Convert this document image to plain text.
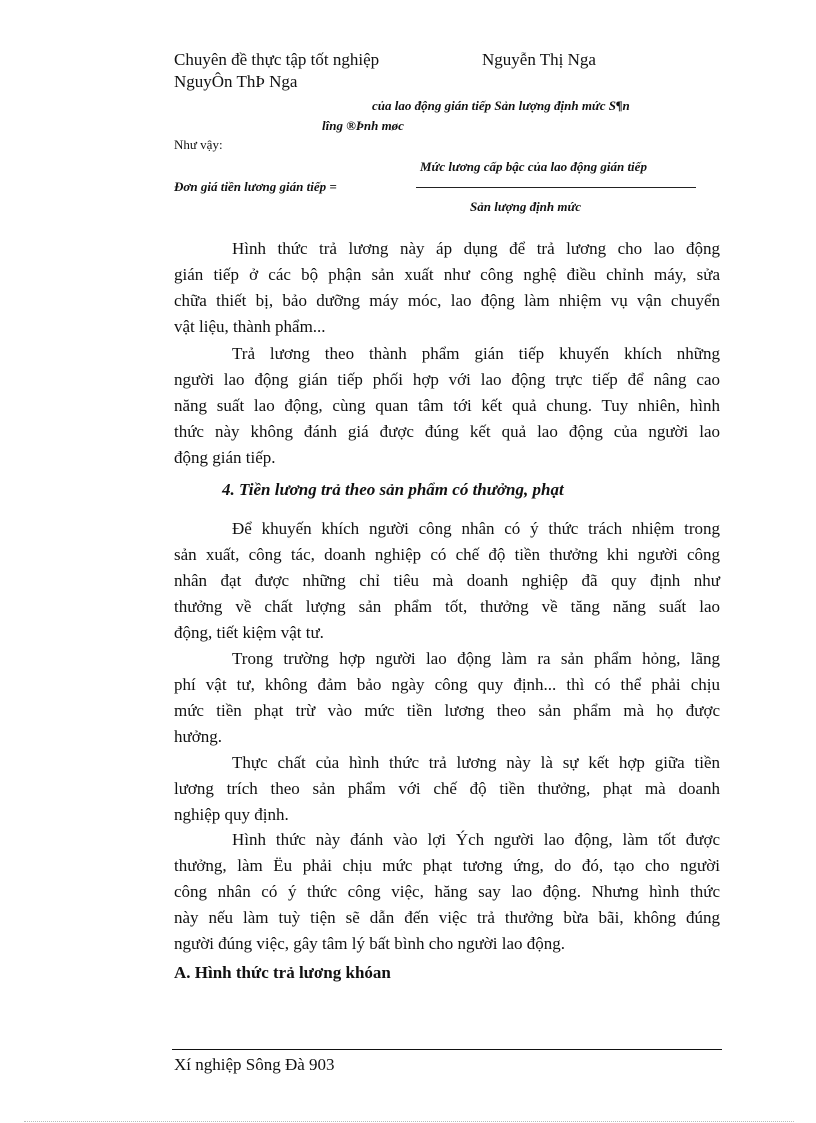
Chuyên đề thực tập tốt nghiệp	Nguyễn Thị Nga
NguyÔn ThÞ Nga
của lao động gián tiếp Sản lượng định mức S¶n
lîng ®Þnh møc
Như vậy:
Mức lương cấp bậc của lao động gián tiếp
Đơn giá tiền lương gián tiếp =
Sản lượng định mức
Hình thức trả lương này áp dụng để trả lương cho lao động
gián tiếp ở các bộ phận sản xuất như công nghệ điều chỉnh máy, sửa
chữa thiết bị, bảo dưỡng máy móc, lao động làm nhiệm vụ vận chuyển
vật liệu, thành phẩm...
Trả lương theo thành phẩm gián tiếp khuyến khích những
người lao động gián tiếp phối hợp với lao động trực tiếp để nâng cao
năng suất lao động, cùng quan tâm tới kết quả chung. Tuy nhiên, hình
thức này không đánh giá được đúng kết quả lao động của người lao
động gián tiếp.
4. Tiền lương trả theo sản phẩm có thưởng, phạt
Để khuyến khích người công nhân có ý thức trách nhiệm trong
sản xuất, công tác, doanh nghiệp có chế độ tiền thưởng khi người công
nhân đạt được những chỉ tiêu mà doanh nghiệp đã quy định như
thưởng về chất lượng sản phẩm tốt, thưởng về tăng năng suất lao
động, tiết kiệm vật tư.
Trong trường hợp người lao động làm ra sản phẩm hỏng, lãng
phí vật tư, không đảm bảo ngày công quy định... thì có thể phải chịu
mức tiền phạt trừ vào mức tiền lương theo sản phẩm mà họ được
hưởng.
Thực chất của hình thức trả lương này là sự kết hợp giữa tiền
lương trích theo sản phẩm với chế độ tiền thưởng, phạt mà doanh
nghiệp quy định.
Hình thức này đánh vào lợi Ých người lao động, làm tốt được
thưởng, làm Ëu phải chịu mức phạt tương ứng, do đó, tạo cho người
công nhân có ý thức công việc, hăng say lao động. Nhưng hình thức
này nếu làm tuỳ tiện sẽ dẫn đến việc trả thưởng bừa bãi, không đúng
người đúng việc, gây tâm lý bất bình cho người lao động.
A. Hình thức trả lương khóan
Xí nghiệp Sông Đà 903
